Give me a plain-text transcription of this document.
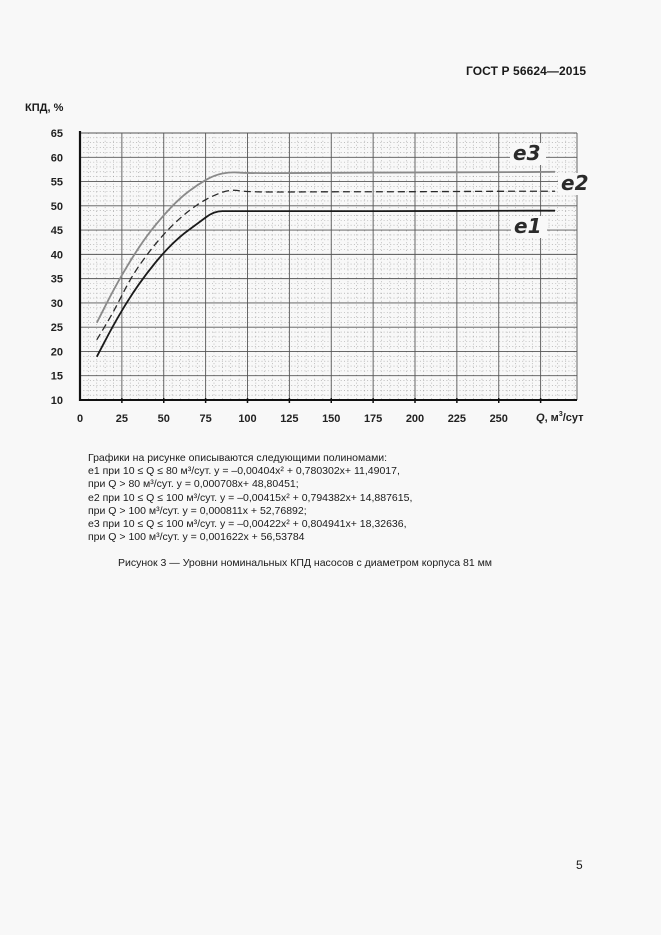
ГОСТ Р 56624—2015
КПД, %
65
60
55
50
45
40
35
30
25
20
15
10
0	25	50	75 100 125 150 175 200 225 250
e3
e2
e1
Q, $м^3$/сут
Графики на рисунке описываются следующими полиномами:
e1 при 10 ≤ Q ≤ 80 м³/сут. y = –0,00404x² + 0,780302x+ 11,49017,
при Q > 80 м³/сут. y = 0,000708x+ 48,80451;
e2 при 10 ≤ Q ≤ 100 м³/сут. y = –0,00415x² + 0,794382x+ 14,887615,
при Q > 100 м³/сут. y = 0,000811x + 52,76892;
e3 при 10 ≤ Q ≤ 100 м³/сут. y = –0,00422x² + 0,804941x+ 18,32636,
при Q > 100 м³/сут. y = 0,001622x + 56,53784
Рисунок 3 — Уровни номинальных КПД насосов с диаметром корпуса 81 мм
5
